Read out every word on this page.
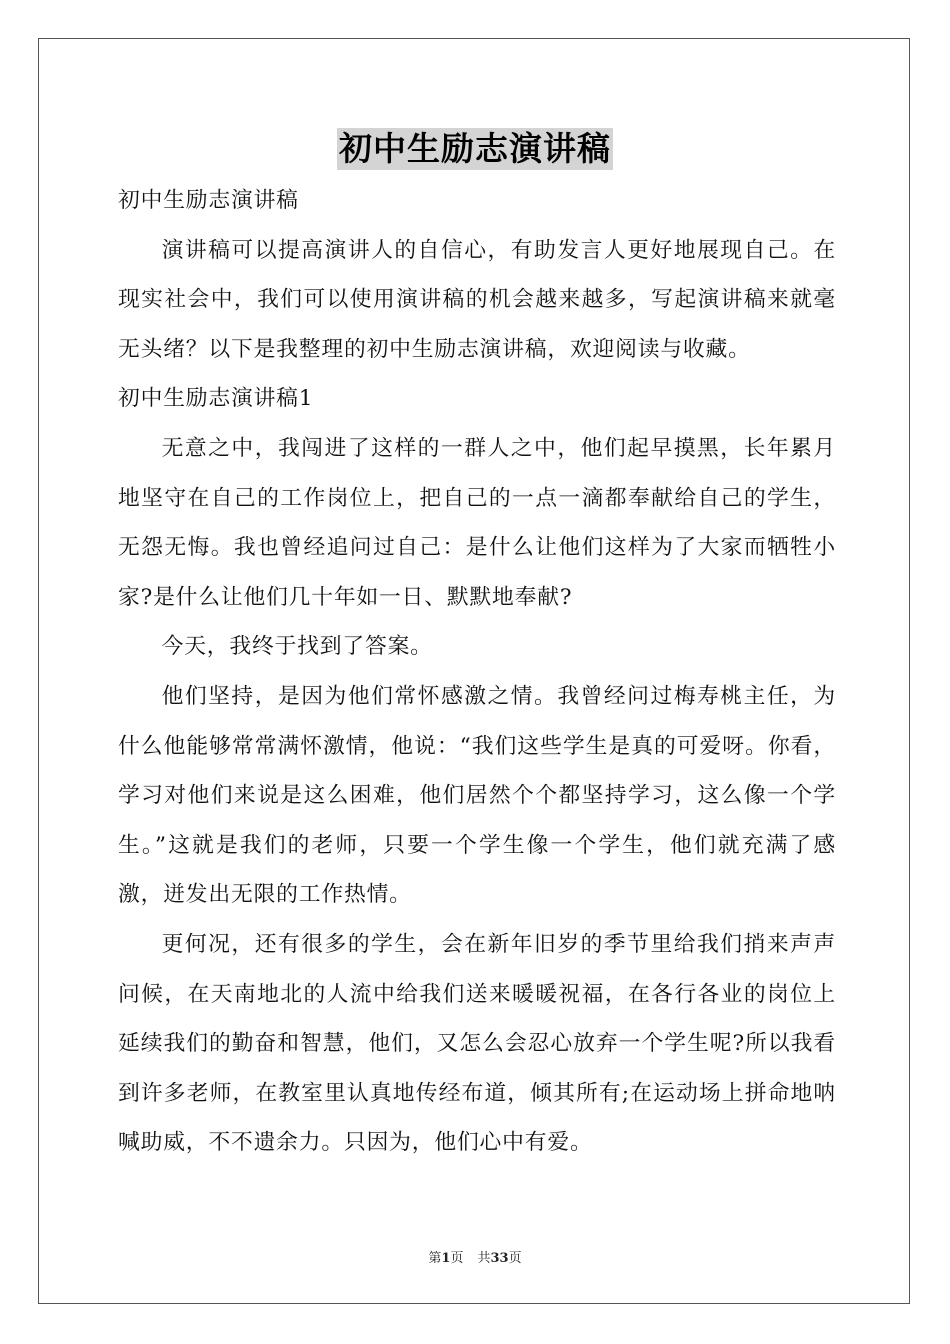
初中生励志演讲稿

初中生励志演讲稿

演讲稿可以提高演讲人的自信心，有助发言人更好地展现自己。在现实社会中，我们可以使用演讲稿的机会越来越多，写起演讲稿来就毫无头绪？以下是我整理的初中生励志演讲稿，欢迎阅读与收藏。

初中生励志演讲稿1

无意之中，我闯进了这样的一群人之中，他们起早摸黑，长年累月地坚守在自己的工作岗位上，把自己的一点一滴都奉献给自己的学生，无怨无悔。我也曾经追问过自己：是什么让他们这样为了大家而牺牲小家?是什么让他们几十年如一日、默默地奉献?

今天，我终于找到了答案。

他们坚持，是因为他们常怀感激之情。我曾经问过梅寿桃主任，为什么他能够常常满怀激情，他说：“我们这些学生是真的可爱呀。你看，学习对他们来说是这么困难，他们居然个个都坚持学习，这么像一个学生。”这就是我们的老师，只要一个学生像一个学生，他们就充满了感激，迸发出无限的工作热情。

更何况，还有很多的学生，会在新年旧岁的季节里给我们捎来声声问候，在天南地北的人流中给我们送来暖暖祝福，在各行各业的岗位上延续我们的勤奋和智慧，他们，又怎么会忍心放弃一个学生呢?所以我看到许多老师，在教室里认真地传经布道，倾其所有;在运动场上拼命地呐喊助威，不不遗余力。只因为，他们心中有爱。

第1页 共33页
